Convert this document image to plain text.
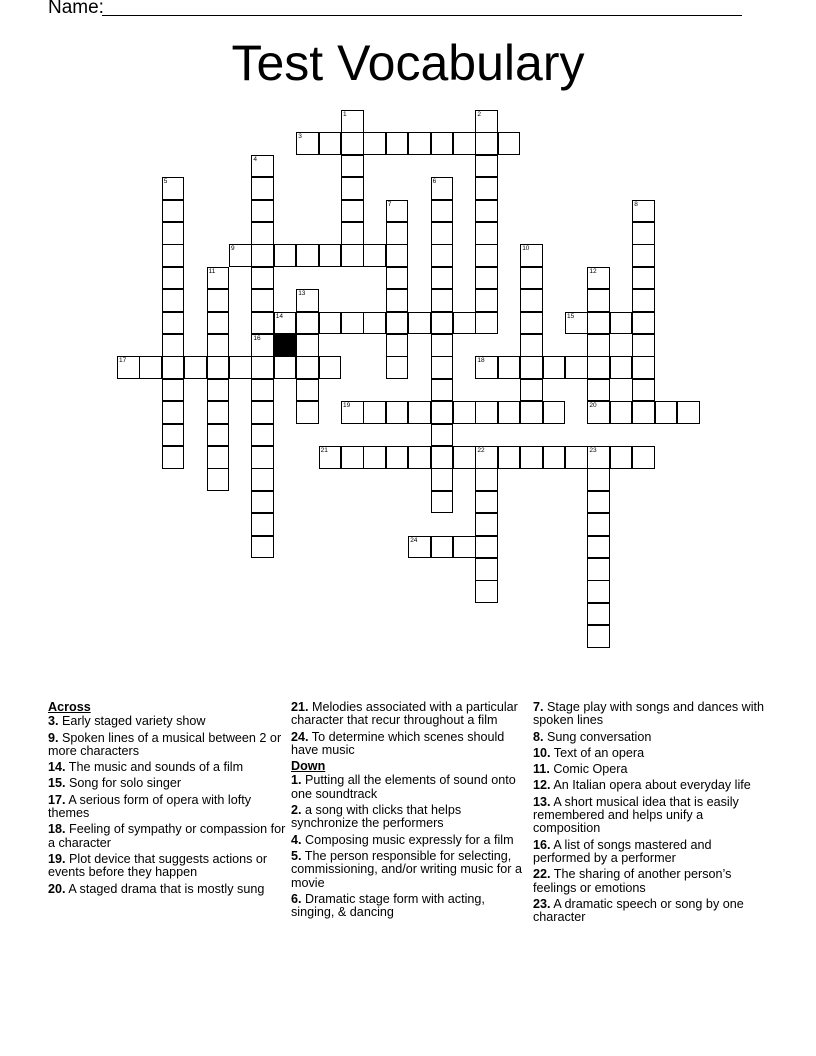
Name:
Test Vocabulary
1	2
3
4
16
5	6
7	8
9	10
11	12
13
14	15
17	18
19	20
21	22	23
24
Across
3. Early staged variety show
9. Spoken lines of a musical between 2 or more characters
14. The music and sounds of a film
15. Song for solo singer
17. A serious form of opera with lofty themes
18. Feeling of sympathy or compassion for a character
19. Plot device that suggests actions or events before they happen
20. A staged drama that is mostly sung
21. Melodies associated with a particular character that recur throughout a film
24. To determine which scenes should have music
Down
1. Putting all the elements of sound onto one soundtrack
2. a song with clicks that helps synchronize the performers
4. Composing music expressly for a film
5. The person responsible for selecting, commissioning, and/or writing music for a movie
6. Dramatic stage form with acting, singing, & dancing
7. Stage play with songs and dances with spoken lines
8. Sung conversation
10. Text of an opera
11. Comic Opera
12. An Italian opera about everyday life
13. A short musical idea that is easily remembered and helps unify a composition
16. A list of songs mastered and performed by a performer
22. The sharing of another person’s feelings or emotions
23. A dramatic speech or song by one character
